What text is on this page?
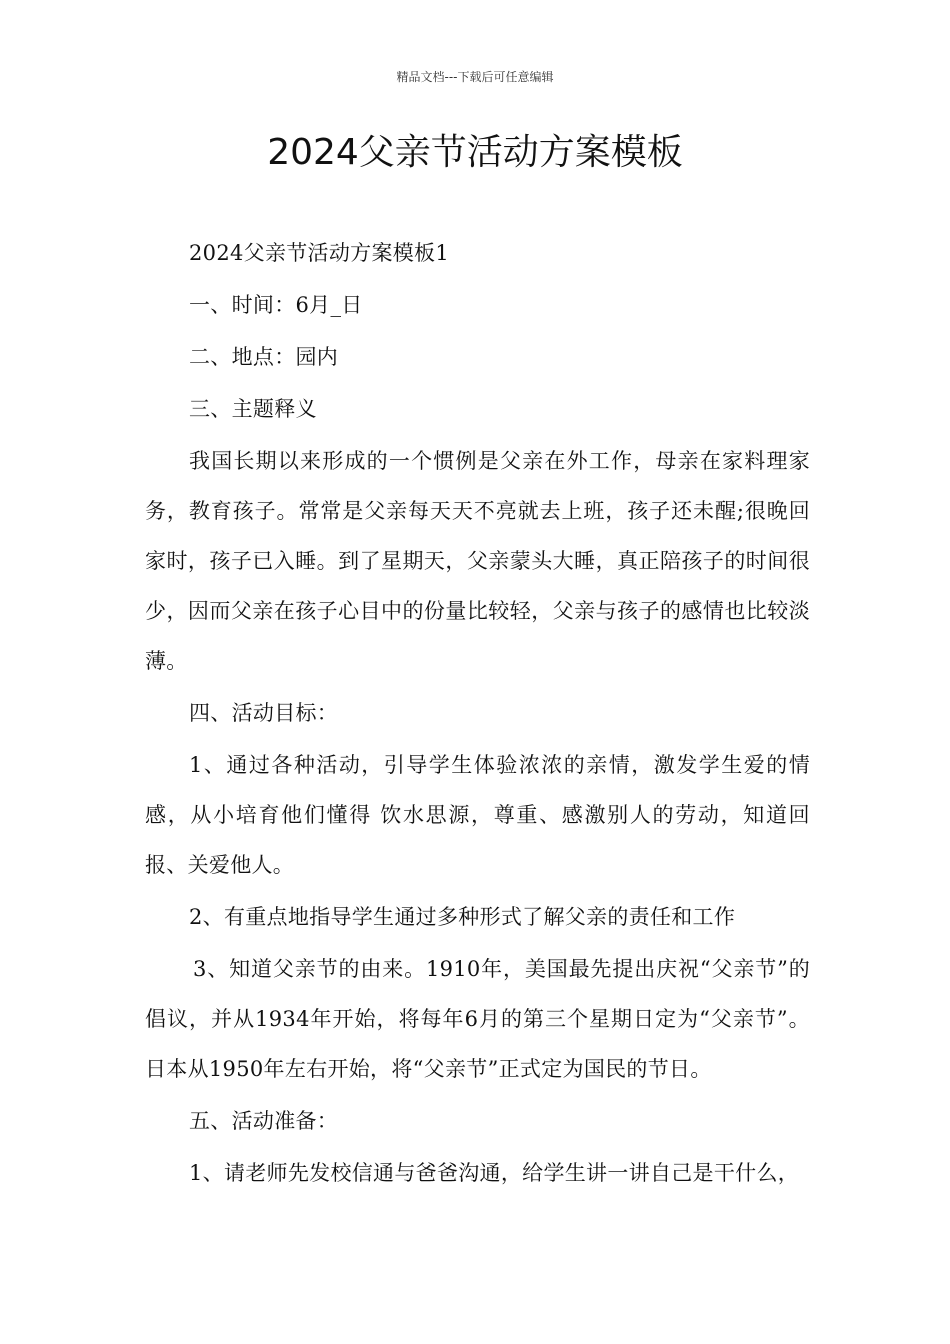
精品文档---下载后可任意编辑
2024父亲节活动方案模板

2024父亲节活动方案模板1

一、时间：6月_日

二、地点：园内

三、主题释义

我国长期以来形成的一个惯例是父亲在外工作，母亲在家料理家务，教育孩子。常常是父亲每天天不亮就去上班，孩子还未醒;很晚回家时，孩子已入睡。到了星期天，父亲蒙头大睡，真正陪孩子的时间很少，因而父亲在孩子心目中的份量比较轻，父亲与孩子的感情也比较淡薄。

四、活动目标：

1、通过各种活动，引导学生体验浓浓的亲情，激发学生爱的情感，从小培育他们懂得 饮水思源，尊重、感激别人的劳动，知道回报、关爱他人。

2、有重点地指导学生通过多种形式了解父亲的责任和工作

3、知道父亲节的由来。1910年，美国最先提出庆祝“父亲节”的倡议，并从1934年开始，将每年6月的第三个星期日定为“父亲节”。日本从1950年左右开始，将“父亲节”正式定为国民的节日。

五、活动准备：

1、请老师先发校信通与爸爸沟通，给学生讲一讲自己是干什么，
